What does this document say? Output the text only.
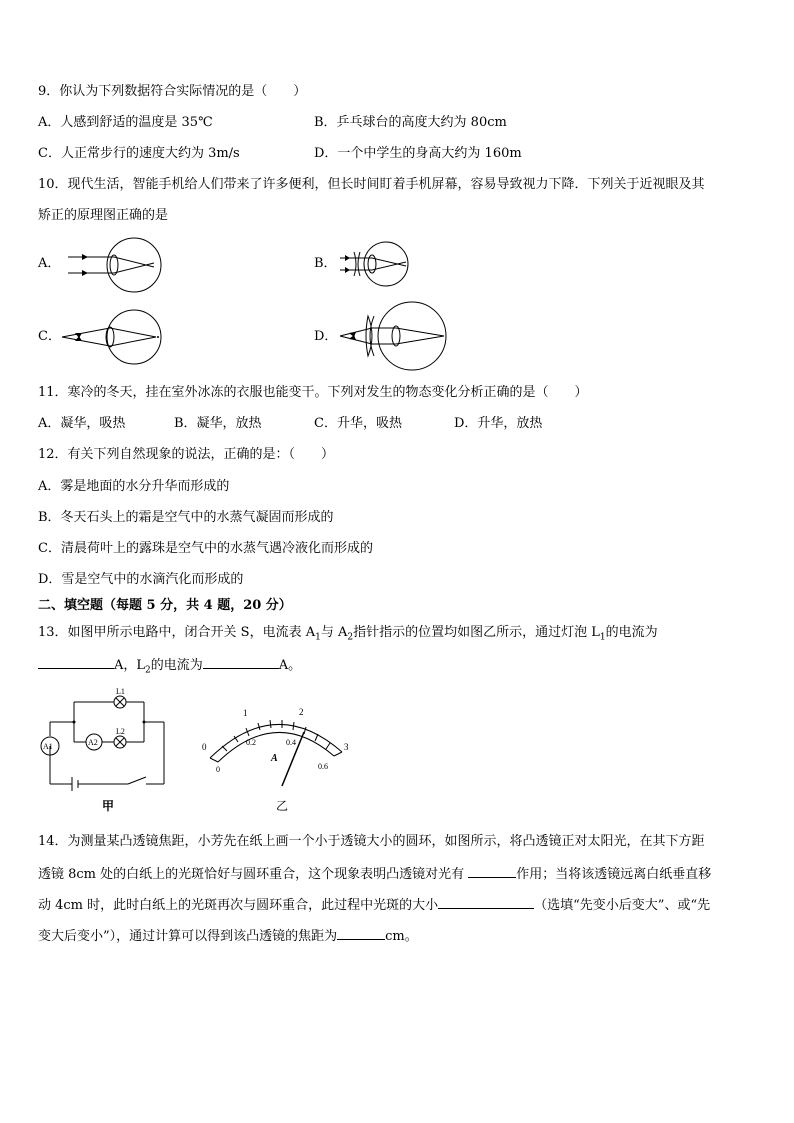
9．你认为下列数据符合实际情况的是（　　）
A．人感到舒适的温度是 35℃	B．乒乓球台的高度大约为 80cm
C．人正常步行的速度大约为 3m/s	D．一个中学生的身高大约为 160m
10．现代生活，智能手机给人们带来了许多便利，但长时间盯着手机屏幕，容易导致视力下降．下列关于近视眼及其
矫正的原理图正确的是
A．	B．
C．	D．
11．寒冷的冬天，挂在室外冰冻的衣服也能变干。下列对发生的物态变化分析正确的是（　　）
A．凝华，吸热	B．凝华，放热	C．升华，吸热	D．升华，放热
12．有关下列自然现象的说法，正确的是：（　　）
A．雾是地面的水分升华而形成的
B．冬天石头上的霜是空气中的水蒸气凝固而形成的
C．清晨荷叶上的露珠是空气中的水蒸气遇冷液化而形成的
D．雪是空气中的水滴汽化而形成的
二、填空题（每题 5 分，共 4 题，20 分）
13．如图甲所示电路中，闭合开关 S，电流表 $A_1$与 $A_2$指针指示的位置均如图乙所示，通过灯泡 $L_1$的电流为
A，$L_2$的电流为	A。
L1
L2
A1	A2
甲
0
1	2
3
0
0.2	0.4
0.6
A
乙
14．为测量某凸透镜焦距，小芳先在纸上画一个小于透镜大小的圆环，如图所示，将凸透镜正对太阳光，在其下方距
透镜 8cm 处的白纸上的光斑恰好与圆环重合，这个现象表明凸透镜对光有	作用；当将该透镜远离白纸垂直移
动 4cm 时，此时白纸上的光斑再次与圆环重合，此过程中光斑的大小	（选填“先变小后变大”、或“先
变大后变小”），通过计算可以得到该凸透镜的焦距为	cm。
